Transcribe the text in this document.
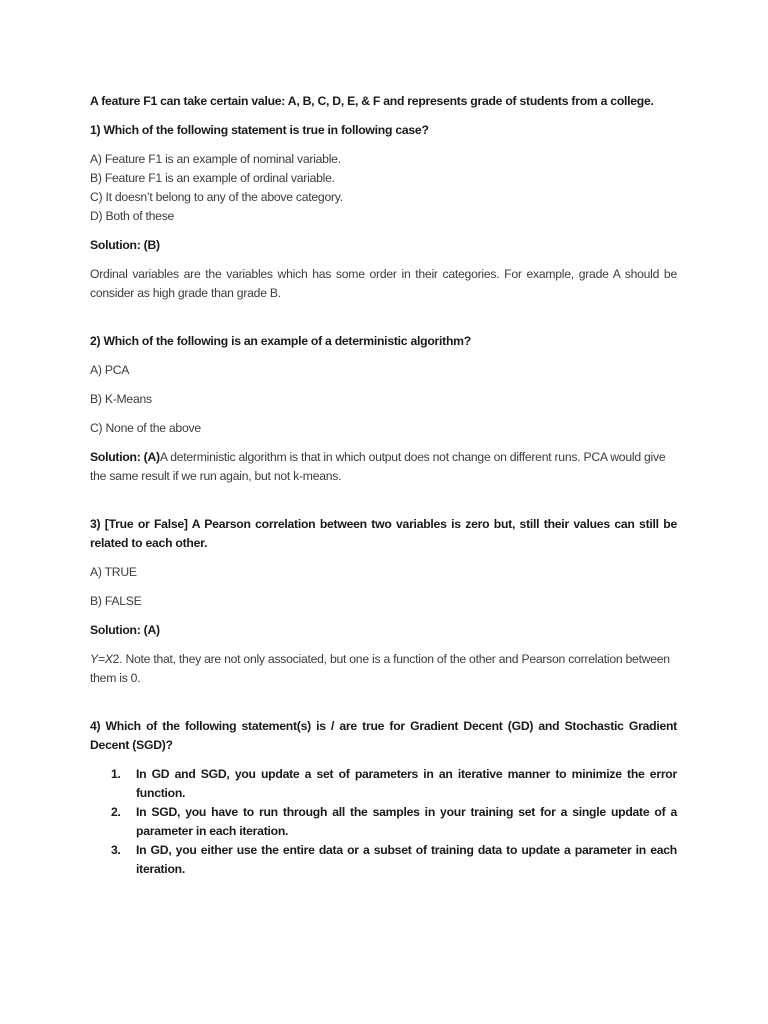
A feature F1 can take certain value: A, B, C, D, E, & F and represents grade of students from a college.

1) Which of the following statement is true in following case?

A) Feature F1 is an example of nominal variable.

B) Feature F1 is an example of ordinal variable.

C) It doesn’t belong to any of the above category.

D) Both of these

Solution: (B)

Ordinal variables are the variables which has some order in their categories. For example, grade A should be consider as high grade than grade B.

2) Which of the following is an example of a deterministic algorithm?

A) PCA

B) K-Means

C) None of the above

Solution: (A)A deterministic algorithm is that in which output does not change on different runs. PCA would give the same result if we run again, but not k-means.

3) [True or False] A Pearson correlation between two variables is zero but, still their values can still be related to each other.

A) TRUE

B) FALSE

Solution: (A)

Y=X2. Note that, they are not only associated, but one is a function of the other and Pearson correlation between them is 0.

4) Which of the following statement(s) is / are true for Gradient Decent (GD) and Stochastic Gradient Decent (SGD)?

1. In GD and SGD, you update a set of parameters in an iterative manner to minimize the error function.
2. In SGD, you have to run through all the samples in your training set for a single update of a parameter in each iteration.
3. In GD, you either use the entire data or a subset of training data to update a parameter in each iteration.
